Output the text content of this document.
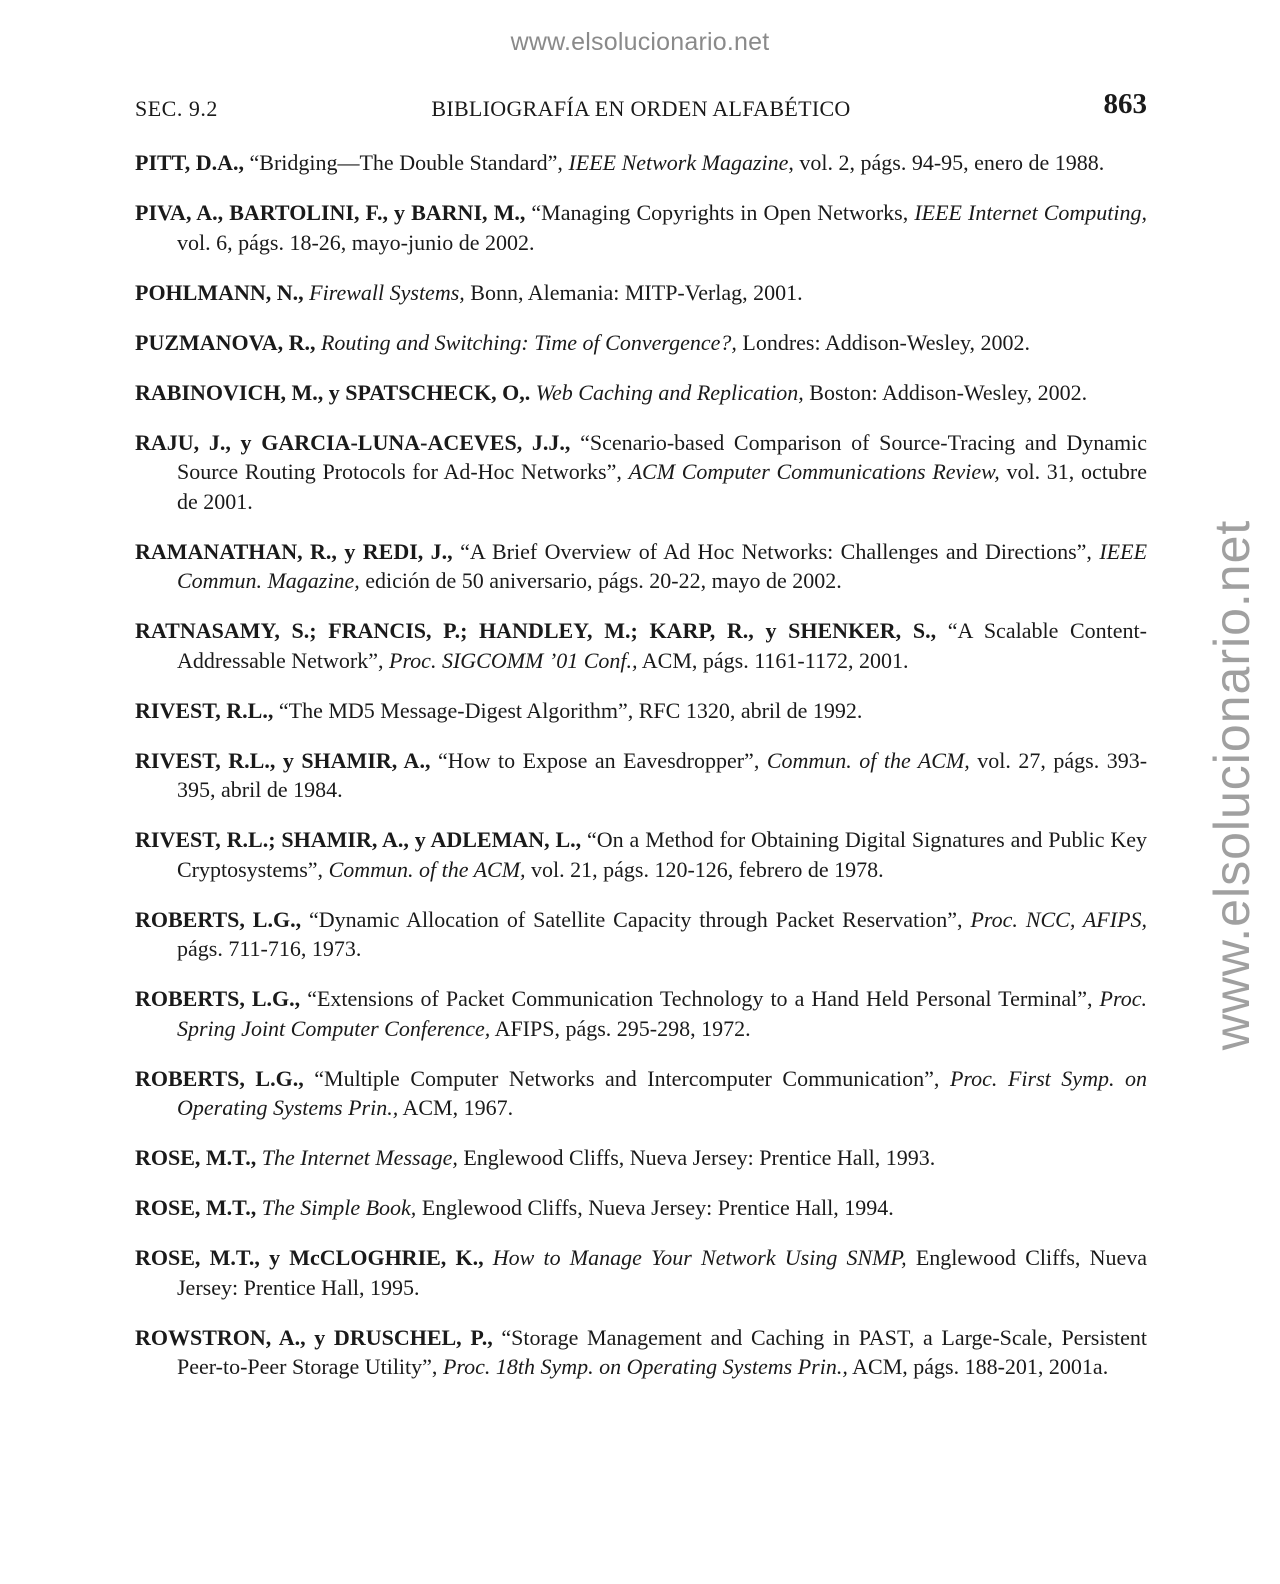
www.elsolucionario.net
www.elsolucionario.net
SEC. 9.2	BIBLIOGRAFÍA EN ORDEN ALFABÉTICO	863

PITT, D.A., “Bridging—The Double Standard”, IEEE Network Magazine, vol. 2, págs. 94-95, enero de 1988.

PIVA, A., BARTOLINI, F., y BARNI, M., “Managing Copyrights in Open Networks, IEEE Internet Computing, vol. 6, págs. 18-26, mayo-junio de 2002.

POHLMANN, N., Firewall Systems, Bonn, Alemania: MITP-Verlag, 2001.

PUZMANOVA, R., Routing and Switching: Time of Convergence?, Londres: Addison-Wesley, 2002.

RABINOVICH, M., y SPATSCHECK, O,. Web Caching and Replication, Boston: Addison-Wesley, 2002.

RAJU, J., y GARCIA-LUNA-ACEVES, J.J., “Scenario-based Comparison of Source-Tracing and Dynamic Source Routing Protocols for Ad-Hoc Networks”, ACM Computer Communications Review, vol. 31, octubre de 2001.

RAMANATHAN, R., y REDI, J., “A Brief Overview of Ad Hoc Networks: Challenges and Directions”, IEEE Commun. Magazine, edición de 50 aniversario, págs. 20-22, mayo de 2002.

RATNASAMY, S.; FRANCIS, P.; HANDLEY, M.; KARP, R., y SHENKER, S., “A Scalable Content-Addressable Network”, Proc. SIGCOMM ’01 Conf., ACM, págs. 1161-1172, 2001.

RIVEST, R.L., “The MD5 Message-Digest Algorithm”, RFC 1320, abril de 1992.

RIVEST, R.L., y SHAMIR, A., “How to Expose an Eavesdropper”, Commun. of the ACM, vol. 27, págs. 393-395, abril de 1984.

RIVEST, R.L.; SHAMIR, A., y ADLEMAN, L., “On a Method for Obtaining Digital Signatures and Public Key Cryptosystems”, Commun. of the ACM, vol. 21, págs. 120-126, febrero de 1978.

ROBERTS, L.G., “Dynamic Allocation of Satellite Capacity through Packet Reservation”, Proc. NCC, AFIPS, págs. 711-716, 1973.

ROBERTS, L.G., “Extensions of Packet Communication Technology to a Hand Held Personal Terminal”, Proc. Spring Joint Computer Conference, AFIPS, págs. 295-298, 1972.

ROBERTS, L.G., “Multiple Computer Networks and Intercomputer Communication”, Proc. First Symp. on Operating Systems Prin., ACM, 1967.

ROSE, M.T., The Internet Message, Englewood Cliffs, Nueva Jersey: Prentice Hall, 1993.

ROSE, M.T., The Simple Book, Englewood Cliffs, Nueva Jersey: Prentice Hall, 1994.

ROSE, M.T., y McCLOGHRIE, K., How to Manage Your Network Using SNMP, Englewood Cliffs, Nueva Jersey: Prentice Hall, 1995.

ROWSTRON, A., y DRUSCHEL, P., “Storage Management and Caching in PAST, a Large-Scale, Persistent Peer-to-Peer Storage Utility”, Proc. 18th Symp. on Operating Systems Prin., ACM, págs. 188-201, 2001a.
